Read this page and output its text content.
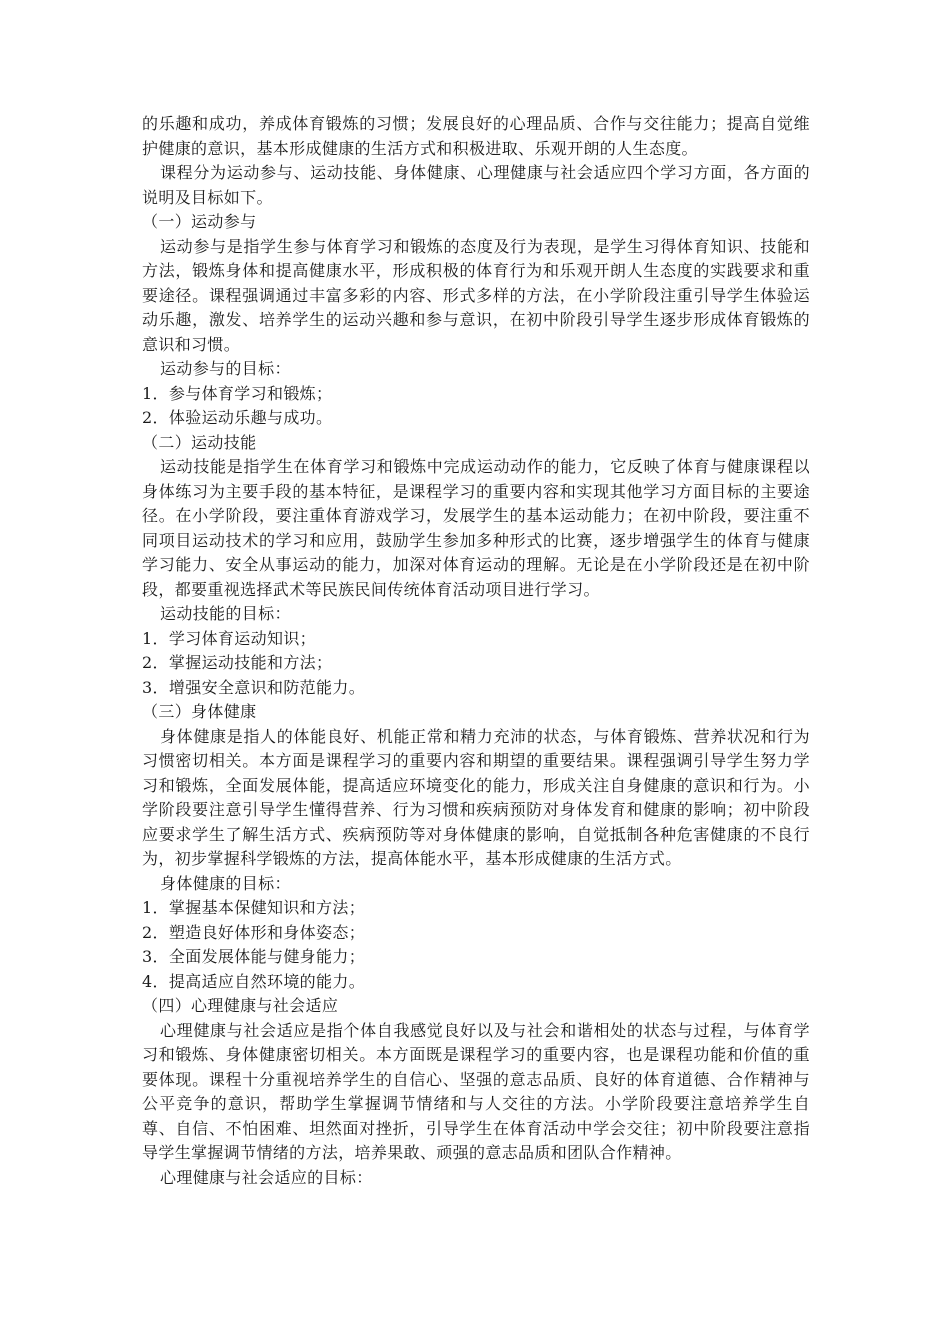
的乐趣和成功，养成体育锻炼的习惯；发展良好的心理品质、合作与交往能力；提高自觉维护健康的意识，基本形成健康的生活方式和积极进取、乐观开朗的人生态度。

课程分为运动参与、运动技能、身体健康、心理健康与社会适应四个学习方面，各方面的说明及目标如下。

（一）运动参与

运动参与是指学生参与体育学习和锻炼的态度及行为表现，是学生习得体育知识、技能和方法，锻炼身体和提高健康水平，形成积极的体育行为和乐观开朗人生态度的实践要求和重要途径。课程强调通过丰富多彩的内容、形式多样的方法，在小学阶段注重引导学生体验运动乐趣，激发、培养学生的运动兴趣和参与意识，在初中阶段引导学生逐步形成体育锻炼的意识和习惯。

运动参与的目标：

1．参与体育学习和锻炼；

2．体验运动乐趣与成功。

（二）运动技能

运动技能是指学生在体育学习和锻炼中完成运动动作的能力，它反映了体育与健康课程以身体练习为主要手段的基本特征，是课程学习的重要内容和实现其他学习方面目标的主要途径。在小学阶段，要注重体育游戏学习，发展学生的基本运动能力；在初中阶段，要注重不同项目运动技术的学习和应用，鼓励学生参加多种形式的比赛，逐步增强学生的体育与健康学习能力、安全从事运动的能力，加深对体育运动的理解。无论是在小学阶段还是在初中阶段，都要重视选择武术等民族民间传统体育活动项目进行学习。

运动技能的目标：

1．学习体育运动知识；

2．掌握运动技能和方法；

3．增强安全意识和防范能力。

（三）身体健康

身体健康是指人的体能良好、机能正常和精力充沛的状态，与体育锻炼、营养状况和行为习惯密切相关。本方面是课程学习的重要内容和期望的重要结果。课程强调引导学生努力学习和锻炼，全面发展体能，提高适应环境变化的能力，形成关注自身健康的意识和行为。小学阶段要注意引导学生懂得营养、行为习惯和疾病预防对身体发育和健康的影响；初中阶段应要求学生了解生活方式、疾病预防等对身体健康的影响，自觉抵制各种危害健康的不良行为，初步掌握科学锻炼的方法，提高体能水平，基本形成健康的生活方式。

身体健康的目标：

1．掌握基本保健知识和方法；

2．塑造良好体形和身体姿态；

3．全面发展体能与健身能力；

4．提高适应自然环境的能力。

（四）心理健康与社会适应

心理健康与社会适应是指个体自我感觉良好以及与社会和谐相处的状态与过程，与体育学习和锻炼、身体健康密切相关。本方面既是课程学习的重要内容，也是课程功能和价值的重要体现。课程十分重视培养学生的自信心、坚强的意志品质、良好的体育道德、合作精神与公平竞争的意识，帮助学生掌握调节情绪和与人交往的方法。小学阶段要注意培养学生自尊、自信、不怕困难、坦然面对挫折，引导学生在体育活动中学会交往；初中阶段要注意指导学生掌握调节情绪的方法，培养果敢、顽强的意志品质和团队合作精神。

心理健康与社会适应的目标：
